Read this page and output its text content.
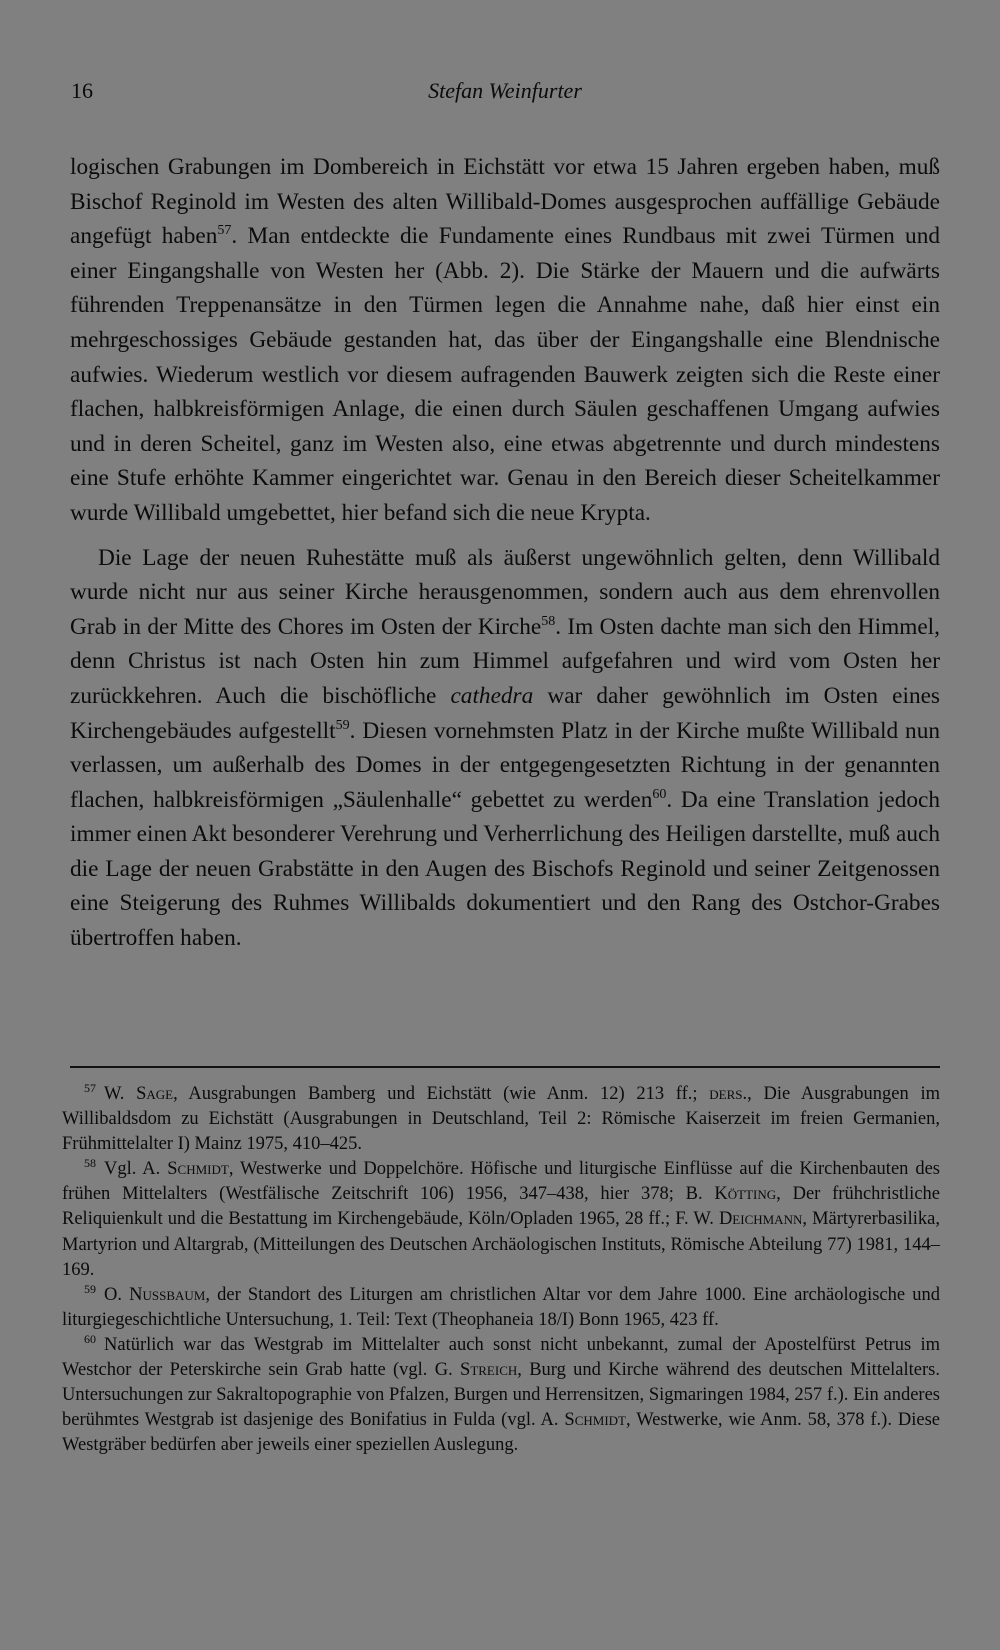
16	Stefan Weinfurter

logischen Grabungen im Dombereich in Eichstätt vor etwa 15 Jahren ergeben haben, muß Bischof Reginold im Westen des alten Willibald-Domes ausgesprochen auffällige Gebäude angefügt haben$^{57}$. Man entdeckte die Fundamente eines Rundbaus mit zwei Türmen und einer Eingangshalle von Westen her (Abb. 2). Die Stärke der Mauern und die aufwärts führenden Treppenansätze in den Türmen legen die Annahme nahe, daß hier einst ein mehrgeschossiges Gebäude gestanden hat, das über der Eingangshalle eine Blendnische aufwies. Wiederum westlich vor diesem aufragenden Bauwerk zeigten sich die Reste einer flachen, halbkreisförmigen Anlage, die einen durch Säulen geschaffenen Umgang aufwies und in deren Scheitel, ganz im Westen also, eine etwas abgetrennte und durch mindestens eine Stufe erhöhte Kammer eingerichtet war. Genau in den Bereich dieser Scheitelkammer wurde Willibald umgebettet, hier befand sich die neue Krypta.

Die Lage der neuen Ruhestätte muß als äußerst ungewöhnlich gelten, denn Willibald wurde nicht nur aus seiner Kirche herausgenommen, sondern auch aus dem ehrenvollen Grab in der Mitte des Chores im Osten der Kirche$^{58}$. Im Osten dachte man sich den Himmel, denn Christus ist nach Osten hin zum Himmel aufgefahren und wird vom Osten her zurückkehren. Auch die bischöfliche cathedra war daher gewöhnlich im Osten eines Kirchengebäudes aufgestellt$^{59}$. Diesen vornehmsten Platz in der Kirche mußte Willibald nun verlassen, um außerhalb des Domes in der entgegengesetzten Richtung in der genannten flachen, halbkreisförmigen „Säulenhalle“ gebettet zu werden$^{60}$. Da eine Translation jedoch immer einen Akt besonderer Verehrung und Verherrlichung des Heiligen darstellte, muß auch die Lage der neuen Grabstätte in den Augen des Bischofs Reginold und seiner Zeitgenossen eine Steigerung des Ruhmes Willibalds dokumentiert und den Rang des Ostchor-Grabes übertroffen haben.

$^{57}$ W. Sage, Ausgrabungen Bamberg und Eichstätt (wie Anm. 12) 213 ff.; ders., Die Ausgrabungen im Willibaldsdom zu Eichstätt (Ausgrabungen in Deutschland, Teil 2: Römische Kaiserzeit im freien Germanien, Frühmittelalter I) Mainz 1975, 410–425.

$^{58}$ Vgl. A. Schmidt, Westwerke und Doppelchöre. Höfische und liturgische Einflüsse auf die Kirchenbauten des frühen Mittelalters (Westfälische Zeitschrift 106) 1956, 347–438, hier 378; B. Kötting, Der frühchristliche Reliquienkult und die Bestattung im Kirchengebäude, Köln/Opladen 1965, 28 ff.; F. W. Deichmann, Märtyrerbasilika, Martyrion und Altargrab, (Mitteilungen des Deutschen Archäologischen Instituts, Römische Abteilung 77) 1981, 144–169.

$^{59}$ O. Nussbaum, der Standort des Liturgen am christlichen Altar vor dem Jahre 1000. Eine archäologische und liturgiegeschichtliche Untersuchung, 1. Teil: Text (Theophaneia 18/I) Bonn 1965, 423 ff.

$^{60}$ Natürlich war das Westgrab im Mittelalter auch sonst nicht unbekannt, zumal der Apostelfürst Petrus im Westchor der Peterskirche sein Grab hatte (vgl. G. Streich, Burg und Kirche während des deutschen Mittelalters. Untersuchungen zur Sakraltopographie von Pfalzen, Burgen und Herrensitzen, Sigmaringen 1984, 257 f.). Ein anderes berühmtes Westgrab ist dasjenige des Bonifatius in Fulda (vgl. A. Schmidt, Westwerke, wie Anm. 58, 378 f.). Diese Westgräber bedürfen aber jeweils einer speziellen Auslegung.
